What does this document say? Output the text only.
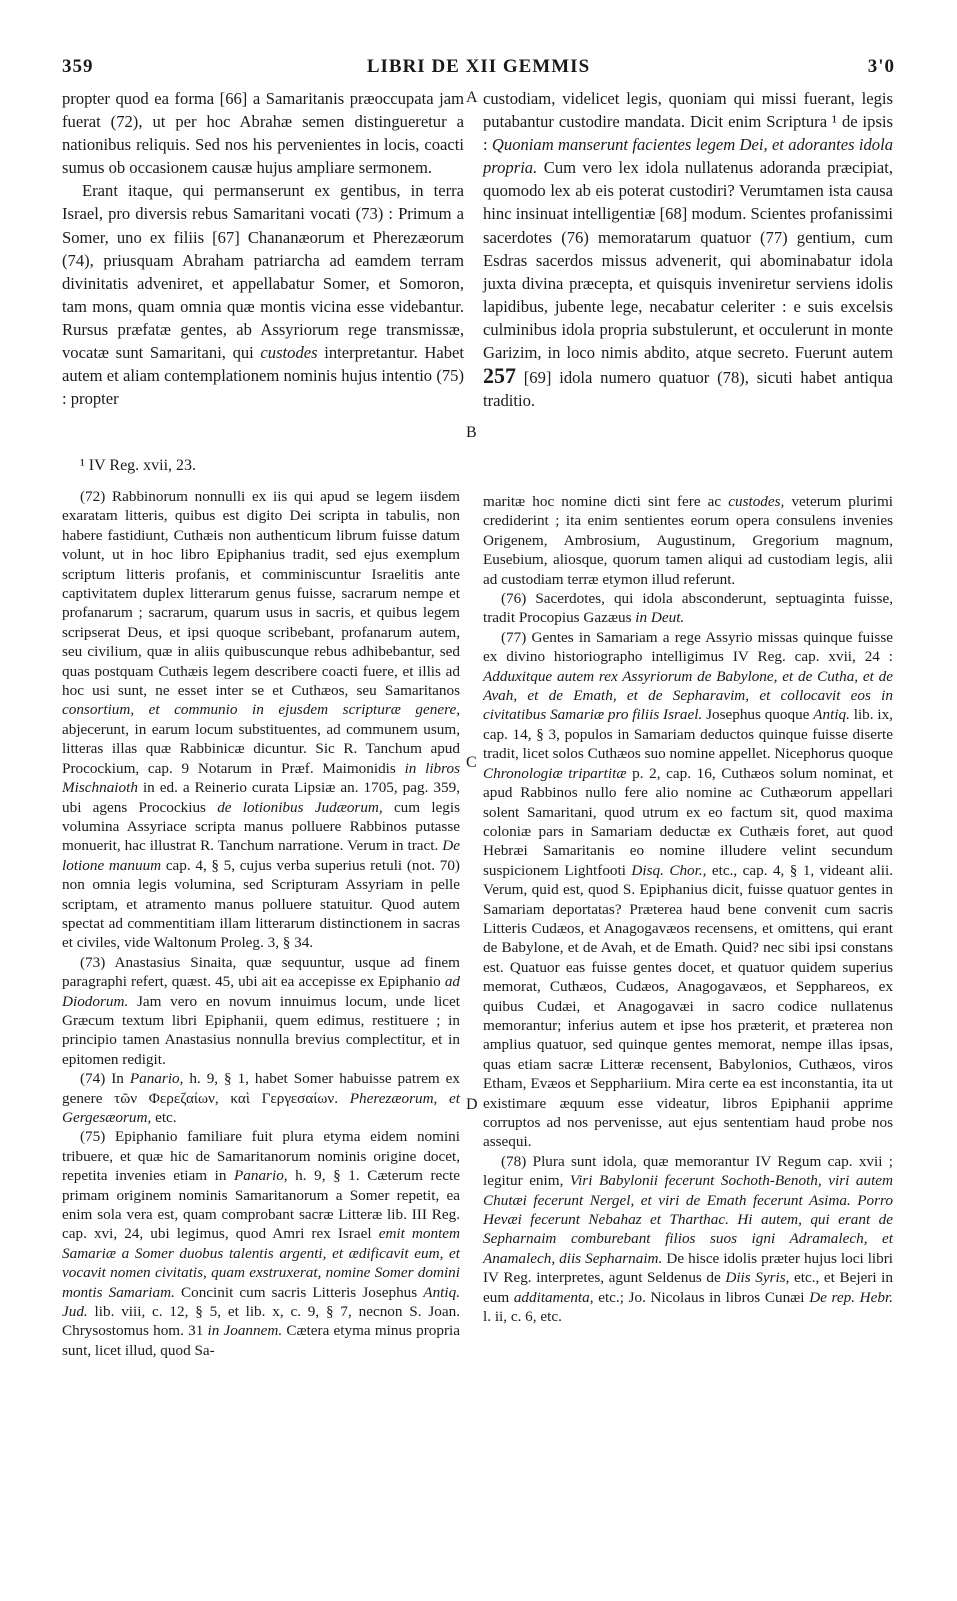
359	LIBRI DE XII GEMMIS	3'0
A
B
C
D

propter quod ea forma [66] a Samaritanis præoccupata jam fuerat (72), ut per hoc Abrahæ semen distingueretur a nationibus reliquis. Sed nos his pervenientes in locis, coacti sumus ob occasionem causæ hujus ampliare sermonem.

Erant itaque, qui permanserunt ex gentibus, in terra Israel, pro diversis rebus Samaritani vocati (73) : Primum a Somer, uno ex filiis [67] Chananæorum et Pherezæorum (74), priusquam Abraham patriarcha ad eamdem terram divinitatis adveniret, et appellabatur Somer, et Somoron, tam mons, quam omnia quæ montis vicina esse videbantur. Rursus præfatæ gentes, ab Assyriorum rege transmissæ, vocatæ sunt Samaritani, qui custodes interpretantur. Habet autem et aliam contemplationem nominis hujus intentio (75) : propter

custodiam, videlicet legis, quoniam qui missi fuerant, legis putabantur custodire mandata. Dicit enim Scriptura ¹ de ipsis : Quoniam manserunt facientes legem Dei, et adorantes idola propria. Cum vero lex idola nullatenus adoranda præcipiat, quomodo lex ab eis poterat custodiri? Verumtamen ista causa hinc insinuat intelligentiæ [68] modum. Scientes profanissimi sacerdotes (76) memoratarum quatuor (77) gentium, cum Esdras sacerdos missus advenerit, qui abominabatur idola juxta divina præcepta, et quisquis inveniretur serviens idolis lapidibus, jubente lege, necabatur celeriter : e suis excelsis culminibus idola propria substulerunt, et occulerunt in monte Garizim, in loco nimis abdito, atque secreto. Fuerunt autem 257 [69] idola numero quatuor (78), sicuti habet antiqua traditio.

¹ IV Reg. xvii, 23.

(72) Rabbinorum nonnulli ex iis qui apud se legem iisdem exaratam litteris, quibus est digito Dei scripta in tabulis, non habere fastidiunt, Cuthæis non authenticum librum fuisse datum volunt, ut in hoc libro Epiphanius tradit, sed ejus exemplum scriptum litteris profanis, et comminiscuntur Israelitis ante captivitatem duplex litterarum genus fuisse, sacrarum nempe et profanarum ; sacrarum, quarum usus in sacris, et quibus legem scripserat Deus, et ipsi quoque scribebant, profanarum autem, seu civilium, quæ in aliis quibuscunque rebus adhibebantur, sed quas postquam Cuthæis legem describere coacti fuere, et illis ad hoc usi sunt, ne esset inter se et Cuthæos, seu Samaritanos consortium, et communio in ejusdem scripturæ genere, abjecerunt, in earum locum substituentes, ad communem usum, litteras illas quæ Rabbinicæ dicuntur. Sic R. Tanchum apud Procockium, cap. 9 Notarum in Præf. Maimonidis in libros Mischnaioth in ed. a Reinerio curata Lipsiæ an. 1705, pag. 359, ubi agens Procockius de lotionibus Judæorum, cum legis volumina Assyriace scripta manus polluere Rabbinos putasse monuerit, hac illustrat R. Tanchum narratione. Verum in tract. De lotione manuum cap. 4, § 5, cujus verba superius retuli (not. 70) non omnia legis volumina, sed Scripturam Assyriam in pelle scriptam, et atramento manus polluere statuitur. Quod autem spectat ad commentitiam illam litterarum distinctionem in sacras et civiles, vide Waltonum Proleg. 3, § 34.

(73) Anastasius Sinaita, quæ sequuntur, usque ad finem paragraphi refert, quæst. 45, ubi ait ea accepisse ex Epiphanio ad Diodorum. Jam vero en novum innuimus locum, unde licet Græcum textum libri Epiphanii, quem edimus, restituere ; in principio tamen Anastasius nonnulla brevius complectitur, et in epitomen redigit.

(74) In Panario, h. 9, § 1, habet Somer habuisse patrem ex genere τῶν Φερεζαίων, καὶ Γεργεσαίων. Pherezæorum, et Gergesæorum, etc.

(75) Epiphanio familiare fuit plura etyma eidem nomini tribuere, et quæ hic de Samaritanorum nominis origine docet, repetita invenies etiam in Panario, h. 9, § 1. Cæterum recte primam originem nominis Samaritanorum a Somer repetit, ea enim sola vera est, quam comprobant sacræ Litteræ lib. III Reg. cap. xvi, 24, ubi legimus, quod Amri rex Israel emit montem Samariæ a Somer duobus talentis argenti, et ædificavit eum, et vocavit nomen civitatis, quam exstruxerat, nomine Somer domini montis Samariam. Concinit cum sacris Litteris Josephus Antiq. Jud. lib. viii, c. 12, § 5, et lib. x, c. 9, § 7, necnon S. Joan. Chrysostomus hom. 31 in Joannem. Cætera etyma minus propria sunt, licet illud, quod Sa-

maritæ hoc nomine dicti sint fere ac custodes, veterum plurimi crediderint ; ita enim sentientes eorum opera consulens invenies Origenem, Ambrosium, Augustinum, Gregorium magnum, Eusebium, aliosque, quorum tamen aliqui ad custodiam legis, alii ad custodiam terræ etymon illud referunt.

(76) Sacerdotes, qui idola absconderunt, septuaginta fuisse, tradit Procopius Gazæus in Deut.

(77) Gentes in Samariam a rege Assyrio missas quinque fuisse ex divino historiographo intelligimus IV Reg. cap. xvii, 24 : Adduxitque autem rex Assyriorum de Babylone, et de Cutha, et de Avah, et de Emath, et de Sepharavim, et collocavit eos in civitatibus Samariæ pro filiis Israel. Josephus quoque Antiq. lib. ix, cap. 14, § 3, populos in Samariam deductos quinque fuisse diserte tradit, licet solos Cuthæos suo nomine appellet. Nicephorus quoque Chronologiæ tripartitæ p. 2, cap. 16, Cuthæos solum nominat, et apud Rabbinos nullo fere alio nomine ac Cuthæorum appellari solent Samaritani, quod utrum ex eo factum sit, quod maxima coloniæ pars in Samariam deductæ ex Cuthæis foret, aut quod Hebræi Samaritanis eo nomine illudere velint secundum suspicionem Lightfooti Disq. Chor., etc., cap. 4, § 1, videant alii. Verum, quid est, quod S. Epiphanius dicit, fuisse quatuor gentes in Samariam deportatas? Præterea haud bene convenit cum sacris Litteris Cudæos, et Anagogavæos recensens, et omittens, qui erant de Babylone, et de Avah, et de Emath. Quid? nec sibi ipsi constans est. Quatuor eas fuisse gentes docet, et quatuor quidem superius memorat, Cuthæos, Cudæos, Anagogavæos, et Sepphareos, ex quibus Cudæi, et Anagogavæi in sacro codice nullatenus memorantur; inferius autem et ipse hos præterit, et præterea non amplius quatuor, sed quinque gentes memorat, nempe illas ipsas, quas etiam sacræ Litteræ recensent, Babylonios, Cuthæos, viros Etham, Evæos et Sepphariium. Mira certe ea est inconstantia, ita ut existimare æquum esse videatur, libros Epiphanii apprime corruptos ad nos pervenisse, aut ejus sententiam haud probe nos assequi.

(78) Plura sunt idola, quæ memorantur IV Regum cap. xvii ; legitur enim, Viri Babylonii fecerunt Sochoth-Benoth, viri autem Chutæi fecerunt Nergel, et viri de Emath fecerunt Asima. Porro Hevæi fecerunt Nebahaz et Tharthac. Hi autem, qui erant de Sepharnaim comburebant filios suos igni Adramalech, et Anamalech, diis Sepharnaim. De hisce idolis præter hujus loci libri IV Reg. interpretes, agunt Seldenus de Diis Syris, etc., et Bejeri in eum additamenta, etc.; Jo. Nicolaus in libros Cunæi De rep. Hebr. l. ii, c. 6, etc.
